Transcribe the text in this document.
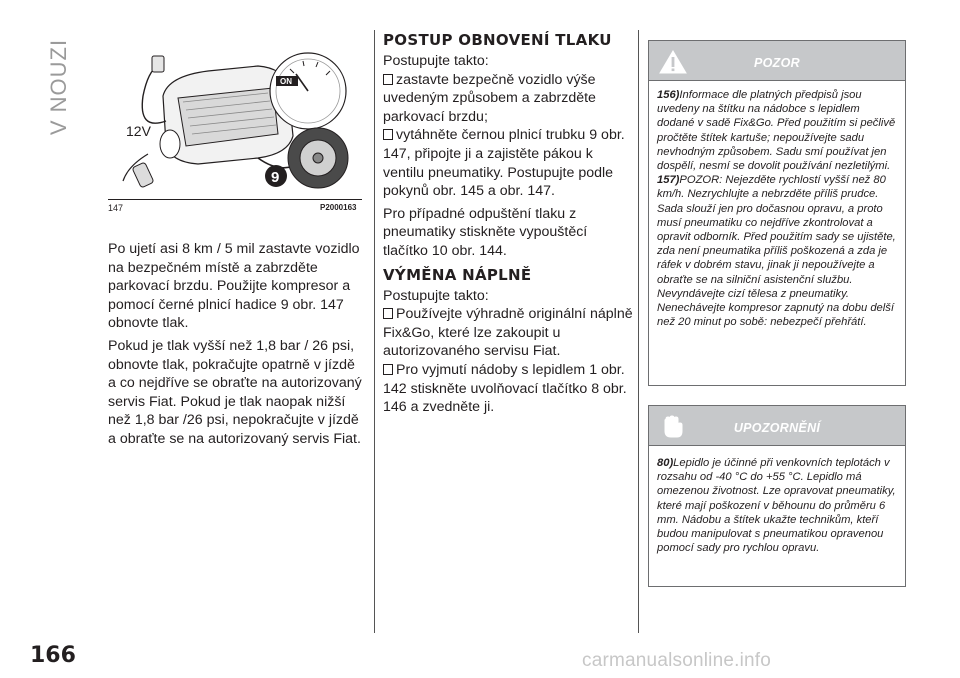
V NOUZI	ON
12V
9
147	P2000163

Po ujetí asi 8 km / 5 mil zastavte vozidlo na bezpečném místě a zabrzděte parkovací brzdu. Použijte kompresor a pomocí černé plnicí hadice 9 obr. 147 obnovte tlak.

Pokud je tlak vyšší než 1,8 bar / 26 psi, obnovte tlak, pokračujte opatrně v jízdě a co nejdříve se obraťte na autorizovaný servis Fiat. Pokud je tlak naopak nižší než 1,8 bar /26 psi, nepokračujte v jízdě a obraťte se na autorizovaný servis Fiat.

POSTUP OBNOVENÍ TLAKU

Postupujte takto:

zastavte bezpečně vozidlo výše uvedeným způsobem a zabrzděte parkovací brzdu;

vytáhněte černou plnicí trubku 9 obr. 147, připojte ji a zajistěte pákou k ventilu pneumatiky. Postupujte podle pokynů obr. 145 a obr. 147.

Pro případné odpuštění tlaku z pneumatiky stiskněte vypouštěcí tlačítko 10 obr. 144.

VÝMĚNA NÁPLNĚ

Postupujte takto:

Používejte výhradně originální náplně Fix&Go, které lze zakoupit u autorizovaného servisu Fiat.

Pro vyjmutí nádoby s lepidlem 1 obr. 142 stiskněte uvolňovací tlačítko 8 obr. 146 a zvedněte ji.

POZOR

156)Informace dle platných předpisů jsou uvedeny na štítku na nádobce s lepidlem dodané v sadě Fix&Go. Před použitím si pečlivě pročtěte štítek kartuše; nepoužívejte sadu nevhodným způsobem. Sadu smí používat jen dospělí, nesmí se dovolit používání nezletilými.

157)POZOR: Nejezděte rychlostí vyšší než 80 km/h. Nezrychlujte a nebrzděte příliš prudce. Sada slouží jen pro dočasnou opravu, a proto musí pneumatiku co nejdříve zkontrolovat a opravit odborník. Před použitím sady se ujistěte, zda není pneumatika příliš poškozená a zda je ráfek v dobrém stavu, jinak ji nepoužívejte a obraťte se na silniční asistenční službu. Nevyndávejte cizí tělesa z pneumatiky. Nenechávejte kompresor zapnutý na dobu delší než 20 minut po sobě: nebezpečí přehřátí.

UPOZORNĚNÍ

80)Lepidlo je účinné při venkovních teplotách v rozsahu od -40 °C do +55 °C. Lepidlo má omezenou životnost. Lze opravovat pneumatiky, které mají poškození v běhounu do průměru 6 mm. Nádobu a štítek ukažte technikům, kteří budou manipulovat s pneumatikou opravenou pomocí sady pro rychlou opravu.

166	carmanualsonline.info
